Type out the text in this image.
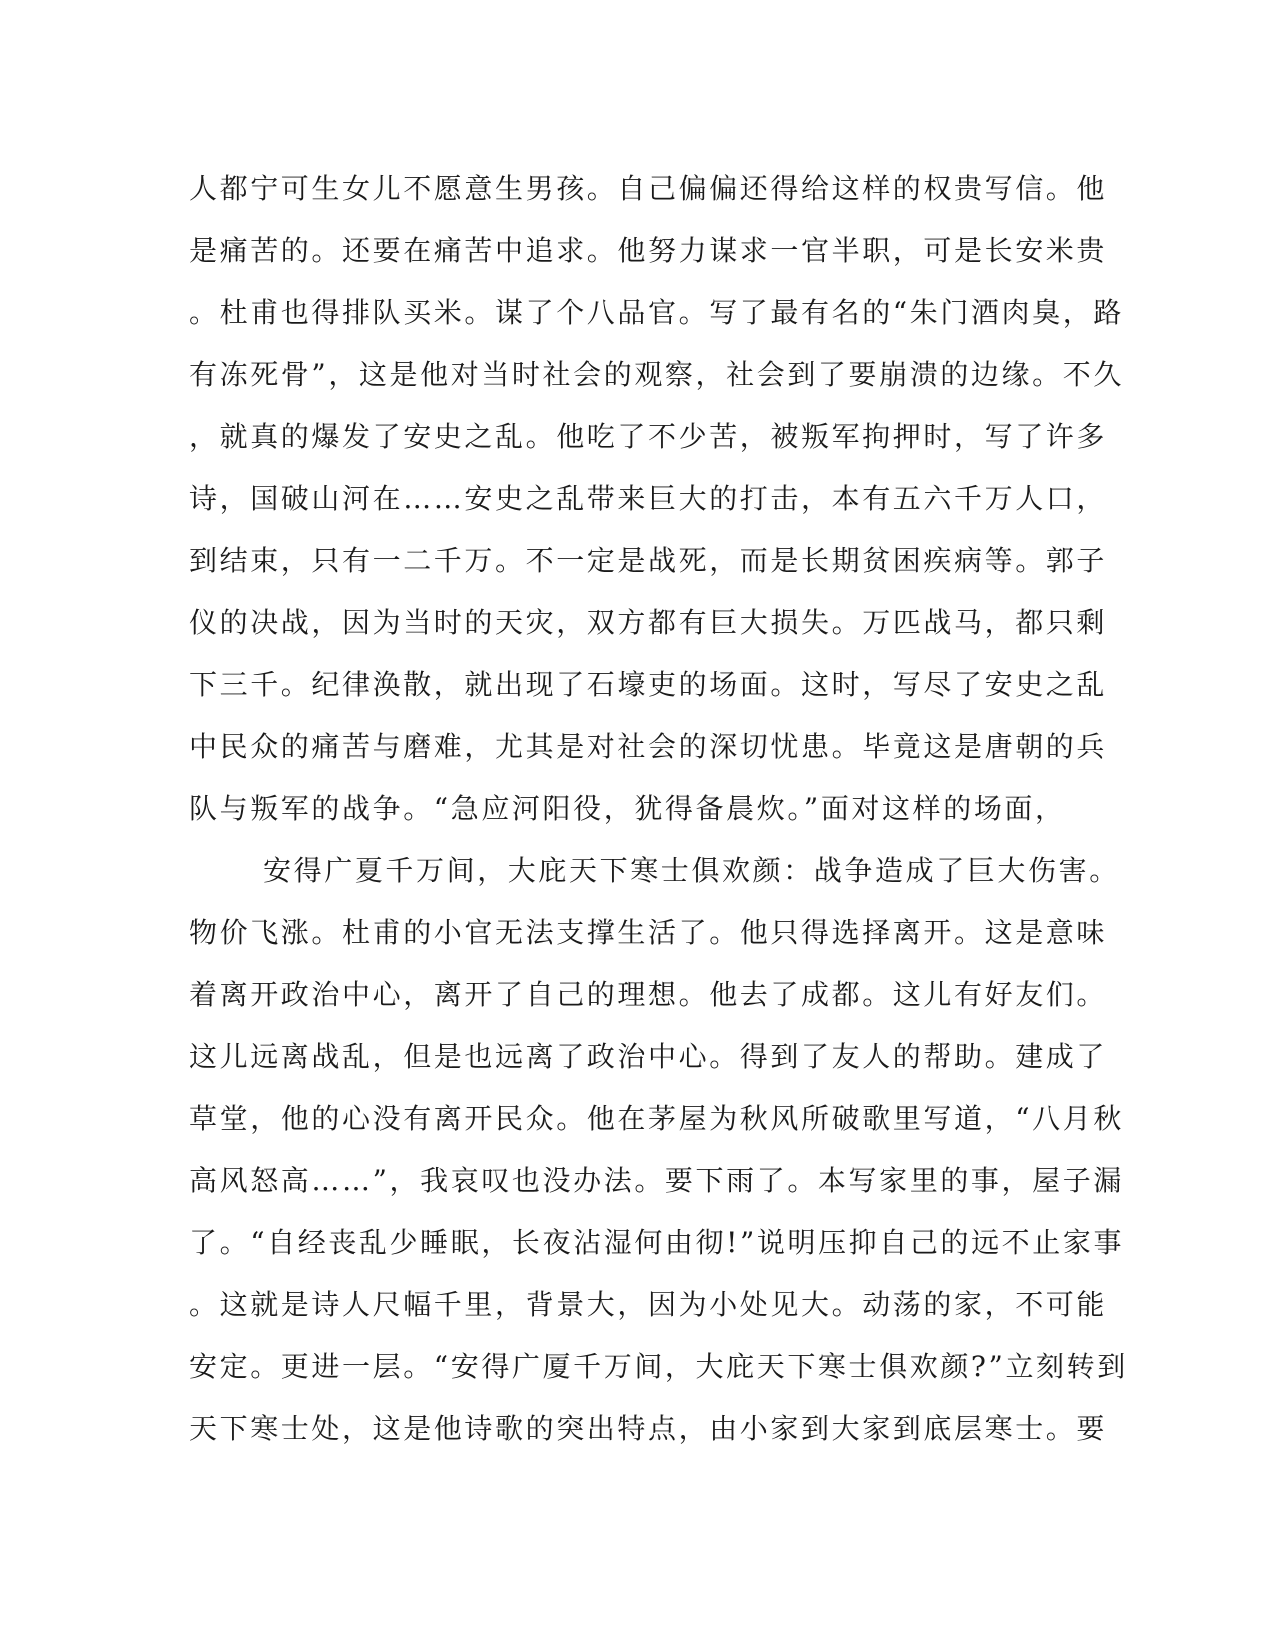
人都宁可生女儿不愿意生男孩。自己偏偏还得给这样的权贵写信。他
是痛苦的。还要在痛苦中追求。他努力谋求一官半职，可是长安米贵
。杜甫也得排队买米。谋了个八品官。写了最有名的“朱门酒肉臭，路
有冻死骨”，这是他对当时社会的观察，社会到了要崩溃的边缘。不久
，就真的爆发了安史之乱。他吃了不少苦，被叛军拘押时，写了许多
诗，国破山河在……安史之乱带来巨大的打击，本有五六千万人口，
到结束，只有一二千万。不一定是战死，而是长期贫困疾病等。郭子
仪的决战，因为当时的天灾，双方都有巨大损失。万匹战马，都只剩
下三千。纪律涣散，就出现了石壕吏的场面。这时，写尽了安史之乱
中民众的痛苦与磨难，尤其是对社会的深切忧患。毕竟这是唐朝的兵
队与叛军的战争。“急应河阳役，犹得备晨炊。”面对这样的场面，
安得广夏千万间，大庇天下寒士俱欢颜：战争造成了巨大伤害。
物价飞涨。杜甫的小官无法支撑生活了。他只得选择离开。这是意味
着离开政治中心，离开了自己的理想。他去了成都。这儿有好友们。
这儿远离战乱，但是也远离了政治中心。得到了友人的帮助。建成了
草堂，他的心没有离开民众。他在茅屋为秋风所破歌里写道，“八月秋
高风怒高……”，我哀叹也没办法。要下雨了。本写家里的事，屋子漏
了。“自经丧乱少睡眠，长夜沾湿何由彻!”说明压抑自己的远不止家事
。这就是诗人尺幅千里，背景大，因为小处见大。动荡的家，不可能
安定。更进一层。“安得广厦千万间，大庇天下寒士俱欢颜?”立刻转到
天下寒士处，这是他诗歌的突出特点，由小家到大家到底层寒士。要
